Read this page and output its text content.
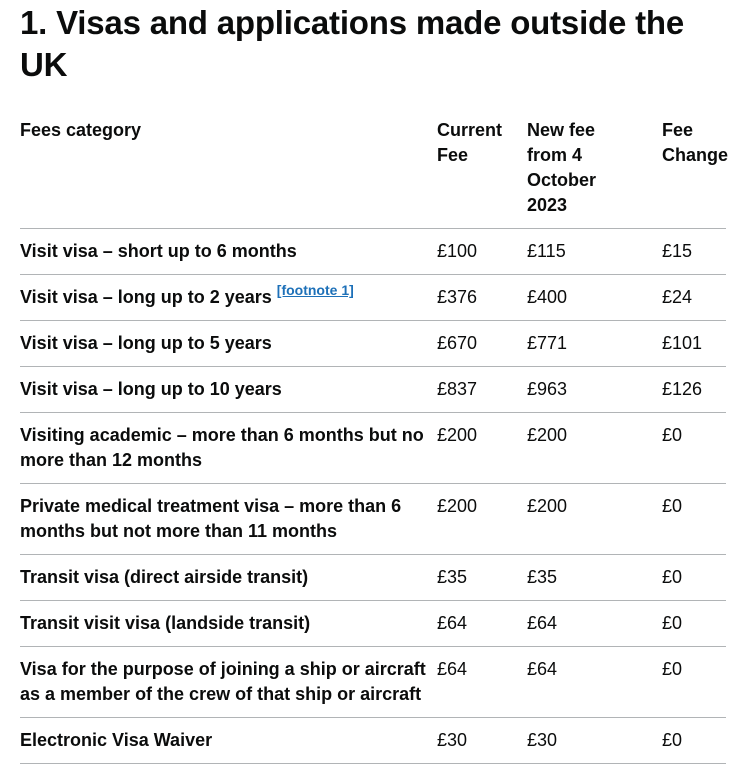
1. Visas and applications made outside the UK
Fees category	Current Fee	New fee from 4 October 2023	Fee Change
Visit visa – short up to 6 months	£100	£115	£15
Visit visa – long up to 2 years [footnote 1]	£376	£400	£24
Visit visa – long up to 5 years	£670	£771	£101
Visit visa – long up to 10 years	£837	£963	£126
Visiting academic – more than 6 months but no more than 12 months	£200	£200	£0
Private medical treatment visa – more than 6 months but not more than 11 months	£200	£200	£0
Transit visa (direct airside transit)	£35	£35	£0
Transit visit visa (landside transit)	£64	£64	£0
Visa for the purpose of joining a ship or aircraft as a member of the crew of that ship or aircraft	£64	£64	£0
Electronic Visa Waiver	£30	£30	£0
